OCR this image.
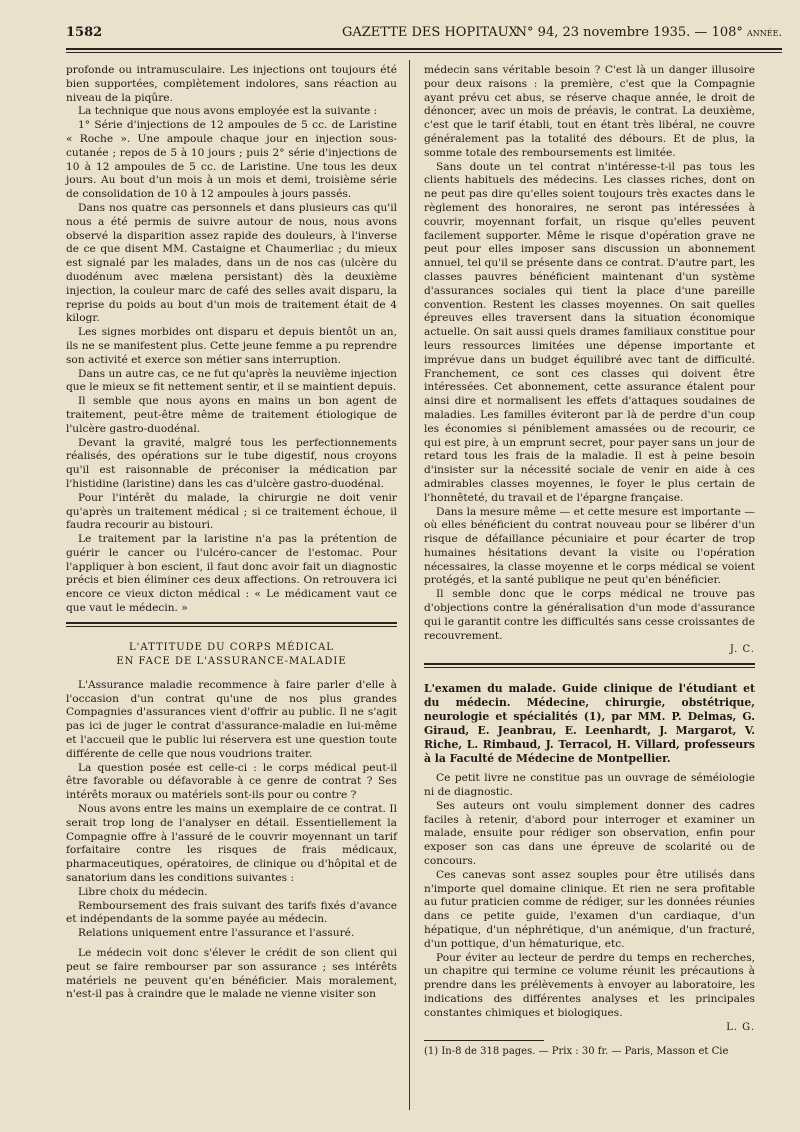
1582	GAZETTE DES HOPITAUX
N° 94, 23 novembre 1935. — 108° année.

profonde ou intramusculaire. Les injections ont toujours été bien supportées, complètement indolores, sans réaction au niveau de la piqûre.

La technique que nous avons employée est la suivante :

1° Série d'injections de 12 ampoules de 5 cc. de Laristine « Roche ». Une ampoule chaque jour en injection sous-cutanée ; repos de 5 à 10 jours ; puis 2° série d'injections de 10 à 12 ampoules de 5 cc. de Laristine. Une tous les deux jours. Au bout d'un mois à un mois et demi, troisième série de consolidation de 10 à 12 ampoules à jours passés.

Dans nos quatre cas personnels et dans plusieurs cas qu'il nous a été permis de suivre autour de nous, nous avons observé la disparition assez rapide des douleurs, à l'inverse de ce que disent MM. Castaigne et Chaumerliac ; du mieux est signalé par les malades, dans un de nos cas (ulcère du duodénum avec mælena persistant) dès la deuxième injection, la couleur marc de café des selles avait disparu, la reprise du poids au bout d'un mois de traitement était de 4 kilogr.

Les signes morbides ont disparu et depuis bientôt un an, ils ne se manifestent plus. Cette jeune femme a pu reprendre son activité et exerce son métier sans interruption.

Dans un autre cas, ce ne fut qu'après la neuvième injection que le mieux se fit nettement sentir, et il se maintient depuis.

Il semble que nous ayons en mains un bon agent de traitement, peut-être même de traitement étiologique de l'ulcère gastro-duodénal.

Devant la gravité, malgré tous les perfectionnements réalisés, des opérations sur le tube digestif, nous croyons qu'il est raisonnable de préconiser la médication par l'histidine (laristine) dans les cas d'ulcère gastro-duodénal.

Pour l'intérêt du malade, la chirurgie ne doit venir qu'après un traitement médical ; si ce traitement échoue, il faudra recourir au bistouri.

Le traitement par la laristine n'a pas la prétention de guérir le cancer ou l'ulcéro-cancer de l'estomac. Pour l'appliquer à bon escient, il faut donc avoir fait un diagnostic précis et bien éliminer ces deux affections. On retrouvera ici encore ce vieux dicton médical : « Le médicament vaut ce que vaut le médecin. »

L'ATTITUDE DU CORPS MÉDICAL
EN FACE DE L'ASSURANCE-MALADIE

L'Assurance maladie recommence à faire parler d'elle à l'occasion d'un contrat qu'une de nos plus grandes Compagnies d'assurances vient d'offrir au public. Il ne s'agit pas ici de juger le contrat d'assurance-maladie en lui-même et l'accueil que le public lui réservera est une question toute différente de celle que nous voudrions traiter.

La question posée est celle-ci : le corps médical peut-il être favorable ou défavorable à ce genre de contrat ? Ses intérêts moraux ou matériels sont-ils pour ou contre ?

Nous avons entre les mains un exemplaire de ce contrat. Il serait trop long de l'analyser en détail. Essentiellement la Compagnie offre à l'assuré de le couvrir moyennant un tarif forfaitaire contre les risques de frais médicaux, pharmaceutiques, opératoires, de clinique ou d'hôpital et de sanatorium dans les conditions suivantes :

Libre choix du médecin.

Remboursement des frais suivant des tarifs fixés d'avance et indépendants de la somme payée au médecin.

Relations uniquement entre l'assurance et l'assuré.

Le médecin voit donc s'élever le crédit de son client qui peut se faire rembourser par son assurance ; ses intérêts matériels ne peuvent qu'en bénéficier. Mais moralement, n'est-il pas à craindre que le malade ne vienne visiter son

médecin sans véritable besoin ? C'est là un danger illusoire pour deux raisons : la première, c'est que la Compagnie ayant prévu cet abus, se réserve chaque année, le droit de dénoncer, avec un mois de préavis, le contrat. La deuxième, c'est que le tarif établi, tout en étant très libéral, ne couvre généralement pas la totalité des débours. Et de plus, la somme totale des remboursements est limitée.

Sans doute un tel contrat n'intéresse-t-il pas tous les clients habituels des médecins. Les classes riches, dont on ne peut pas dire qu'elles soient toujours très exactes dans le règlement des honoraires, ne seront pas intéressées à couvrir, moyennant forfait, un risque qu'elles peuvent facilement supporter. Même le risque d'opération grave ne peut pour elles imposer sans discussion un abonnement annuel, tel qu'il se présente dans ce contrat. D'autre part, les classes pauvres bénéficient maintenant d'un système d'assurances sociales qui tient la place d'une pareille convention. Restent les classes moyennes. On sait quelles épreuves elles traversent dans la situation économique actuelle. On sait aussi quels drames familiaux constitue pour leurs ressources limitées une dépense importante et imprévue dans un budget équilibré avec tant de difficulté. Franchement, ce sont ces classes qui doivent être intéressées. Cet abonnement, cette assurance étalent pour ainsi dire et normalisent les effets d'attaques soudaines de maladies. Les familles éviteront par là de perdre d'un coup les économies si péniblement amassées ou de recourir, ce qui est pire, à un emprunt secret, pour payer sans un jour de retard tous les frais de la maladie. Il est à peine besoin d'insister sur la nécessité sociale de venir en aide à ces admirables classes moyennes, le foyer le plus certain de l'honnêteté, du travail et de l'épargne française.

Dans la mesure même — et cette mesure est importante — où elles bénéficient du contrat nouveau pour se libérer d'un risque de défaillance pécuniaire et pour écarter de trop humaines hésitations devant la visite ou l'opération nécessaires, la classe moyenne et le corps médical se voient protégés, et la santé publique ne peut qu'en bénéficier.

Il semble donc que le corps médical ne trouve pas d'objections contre la généralisation d'un mode d'assurance qui le garantit contre les difficultés sans cesse croissantes de recouvrement.

J. C.

L'examen du malade. Guide clinique de l'étudiant et du médecin. Médecine, chirurgie, obstétrique, neurologie et spécialités (1), par MM. P. Delmas, G. Giraud, E. Jeanbrau, E. Leenhardt, J. Margarot, V. Riche, L. Rimbaud, J. Terracol, H. Villard, professeurs à la Faculté de Médecine de Montpellier.

Ce petit livre ne constitue pas un ouvrage de séméiologie ni de diagnostic.

Ses auteurs ont voulu simplement donner des cadres faciles à retenir, d'abord pour interroger et examiner un malade, ensuite pour rédiger son observation, enfin pour exposer son cas dans une épreuve de scolarité ou de concours.

Ces canevas sont assez souples pour être utilisés dans n'importe quel domaine clinique. Et rien ne sera profitable au futur praticien comme de rédiger, sur les données réunies dans ce petite guide, l'examen d'un cardiaque, d'un hépatique, d'un néphrétique, d'un anémique, d'un fracturé, d'un pottique, d'un hématurique, etc.

Pour éviter au lecteur de perdre du temps en recherches, un chapitre qui termine ce volume réunit les précautions à prendre dans les prélèvements à envoyer au laboratoire, les indications des différentes analyses et les principales constantes chimiques et biologiques.

L. G.

(1) In-8 de 318 pages. — Prix : 30 fr. — Paris, Masson et Cie
